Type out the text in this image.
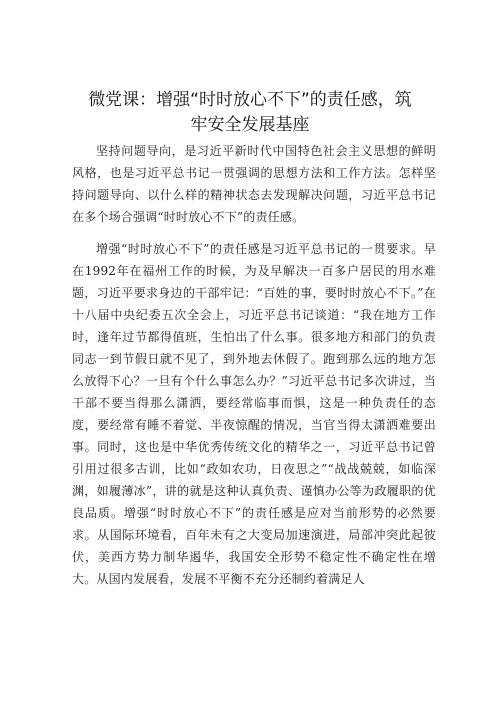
微党课：增强“时时放心不下”的责任感，筑
牢安全发展基座

坚持问题导向，是习近平新时代中国特色社会主义思想的鲜明风格，也是习近平总书记一贯强调的思想方法和工作方法。怎样坚持问题导向、以什么样的精神状态去发现解决问题，习近平总书记在多个场合强调“时时放心不下”的责任感。

增强“时时放心不下”的责任感是习近平总书记的一贯要求。早在1992年在福州工作的时候，为及早解决一百多户居民的用水难题，习近平要求身边的干部牢记：“百姓的事，要时时放心不下。”在十八届中央纪委五次全会上，习近平总书记谈道：“我在地方工作时，逢年过节都得值班，生怕出了什么事。很多地方和部门的负责同志一到节假日就不见了，到外地去休假了。跑到那么远的地方怎么放得下心？一旦有个什么事怎么办？”习近平总书记多次讲过，当干部不要当得那么潇洒，要经常临事而惧，这是一种负责任的态度，要经常有睡不着觉、半夜惊醒的情况，当官当得太潇洒难要出事。同时，这也是中华优秀传统文化的精华之一，习近平总书记曾引用过很多古训，比如“政如农功，日夜思之”“战战兢兢，如临深渊，如履薄冰”，讲的就是这种认真负责、谨慎办公等为政履职的优良品质。增强“时时放心不下”的责任感是应对当前形势的必然要求。从国际环境看，百年未有之大变局加速演进，局部冲突此起彼伏，美西方势力制华遏华，我国安全形势不稳定性不确定性在增大。从国内发展看，发展不平衡不充分还制约着满足人
